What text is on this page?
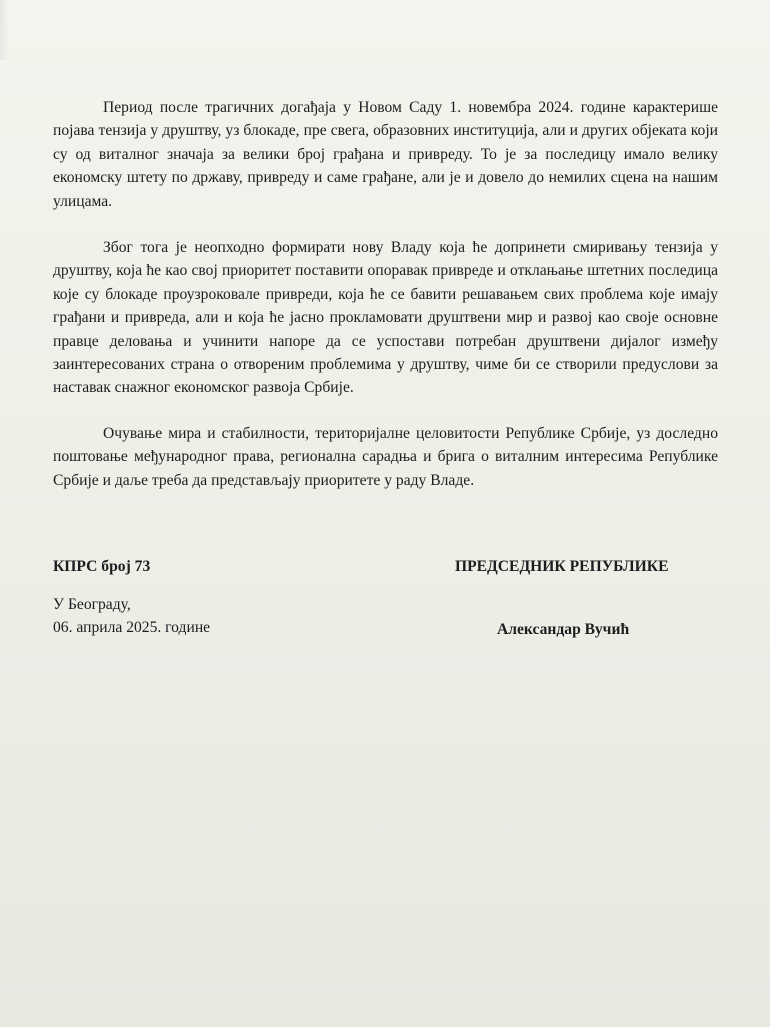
Период после трагичних догађаја у Новом Саду 1. новембра 2024. године карактерише појава тензија у друштву, уз блокаде, пре свега, образовних институција, али и других објеката који су од виталног значаја за велики број грађана и привреду. То је за последицу имало велику економску штету по државу, привреду и саме грађане, али је и довело до немилих сцена на нашим улицама.

Због тога је неопходно формирати нову Владу која ће допринети смиривању тензија у друштву, која ће као свој приоритет поставити опоравак привреде и отклањање штетних последица које су блокаде проузроковале привреди, која ће се бавити решавањем свих проблема које имају грађани и привреда, али и која ће јасно прокламовати друштвени мир и развој као своје основне правце деловања и учинити напоре да се успостави потребан друштвени дијалог између заинтересованих страна о отвореним проблемима у друштву, чиме би се створили предуслови за наставак снажног економског развоја Србије.

Очување мира и стабилности, територијалне целовитости Републике Србије, уз доследно поштовање међународног права, регионална сарадња и брига о виталним интересима Републике Србије и даље треба да представљају приоритете у раду Владе.

КПРС број 73

У Београду,

06. априла 2025. године

ПРЕДСЕДНИК РЕПУБЛИКЕ

Александар Вучић
